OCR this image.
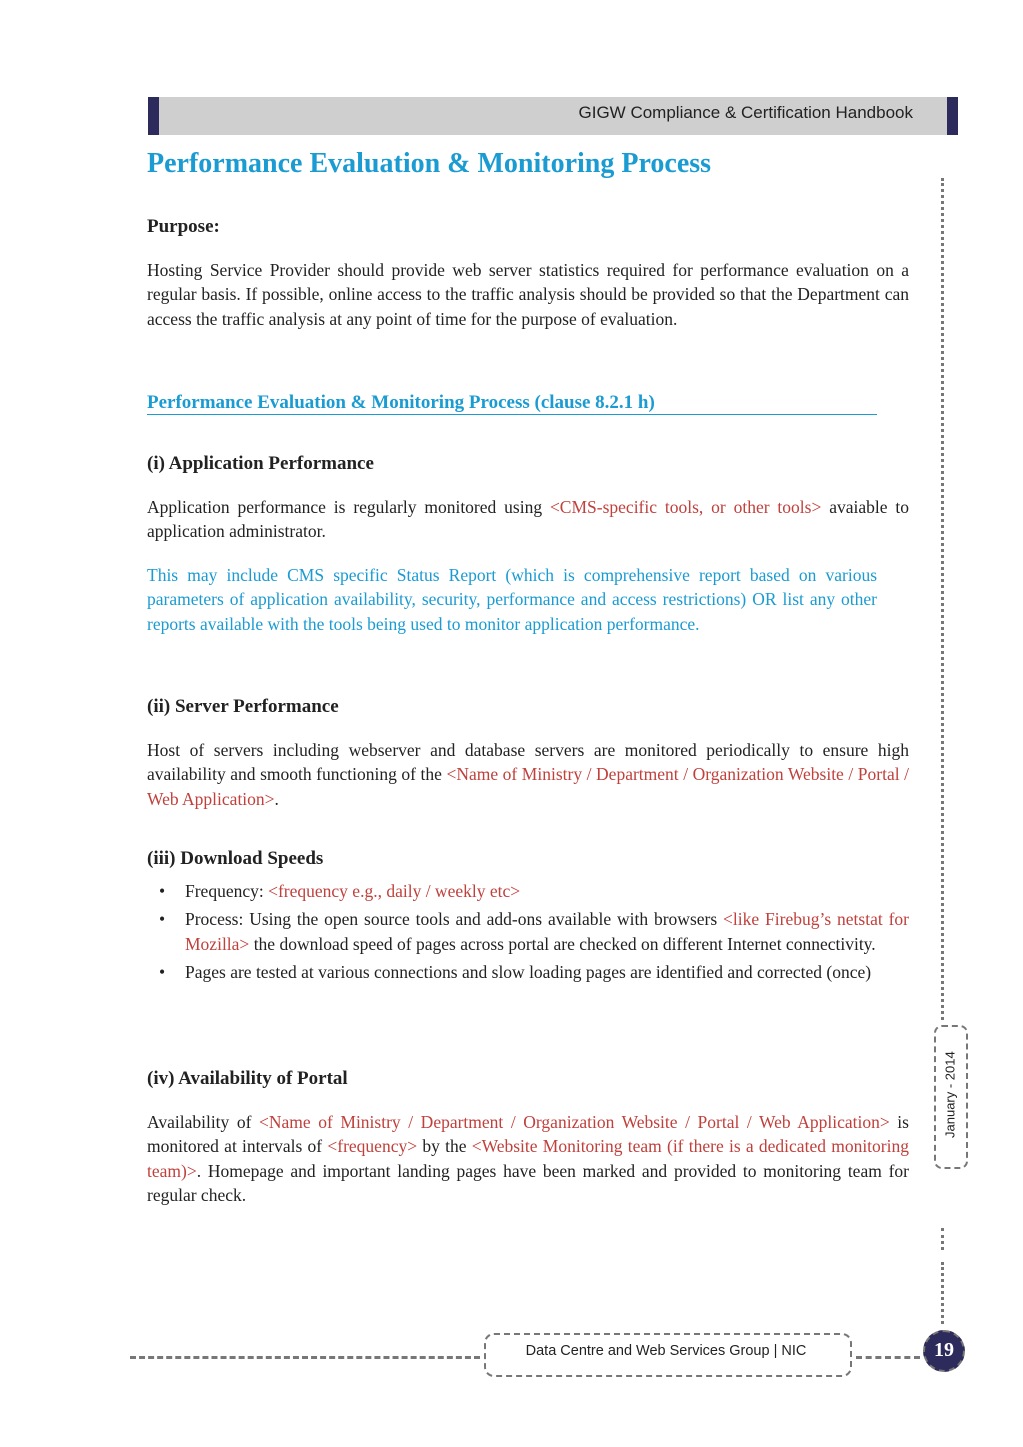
GIGW Compliance & Certification Handbook
Performance Evaluation & Monitoring Process
Purpose:
Hosting Service Provider should provide web server statistics required for performance evaluation on a regular basis. If possible, online access to the traffic analysis should be provided so that the Department can access the traffic analysis at any point of time for the purpose of evaluation.
Performance Evaluation & Monitoring Process (clause 8.2.1 h)
(i) Application Performance
Application performance is regularly monitored using <CMS-specific tools, or other tools> avaiable to application administrator.
This may include CMS specific Status Report (which is comprehensive report based on various parameters of application availability, security, performance and access restrictions) OR list any other reports available with the tools being used to monitor application performance.
(ii) Server Performance
Host of servers including webserver and database servers are monitored periodically to ensure high availability and smooth functioning of the <Name of Ministry / Department / Organization Website / Portal / Web Application>.
(iii) Download Speeds
• Frequency: <frequency e.g., daily / weekly etc>
• Process: Using the open source tools and add-ons available with browsers <like Firebug’s netstat for Mozilla> the download speed of pages across portal are checked on different Internet connectivity.
• Pages are tested at various connections and slow loading pages are identified and corrected (once)
(iv) Availability of Portal
Availability of <Name of Ministry / Department / Organization Website / Portal / Web Application> is monitored at intervals of <frequency> by the <Website Monitoring team (if there is a dedicated monitoring team)>. Homepage and important landing pages have been marked and provided to monitoring team for regular check.
January - 2014
Data Centre and Web Services Group | NIC	19
